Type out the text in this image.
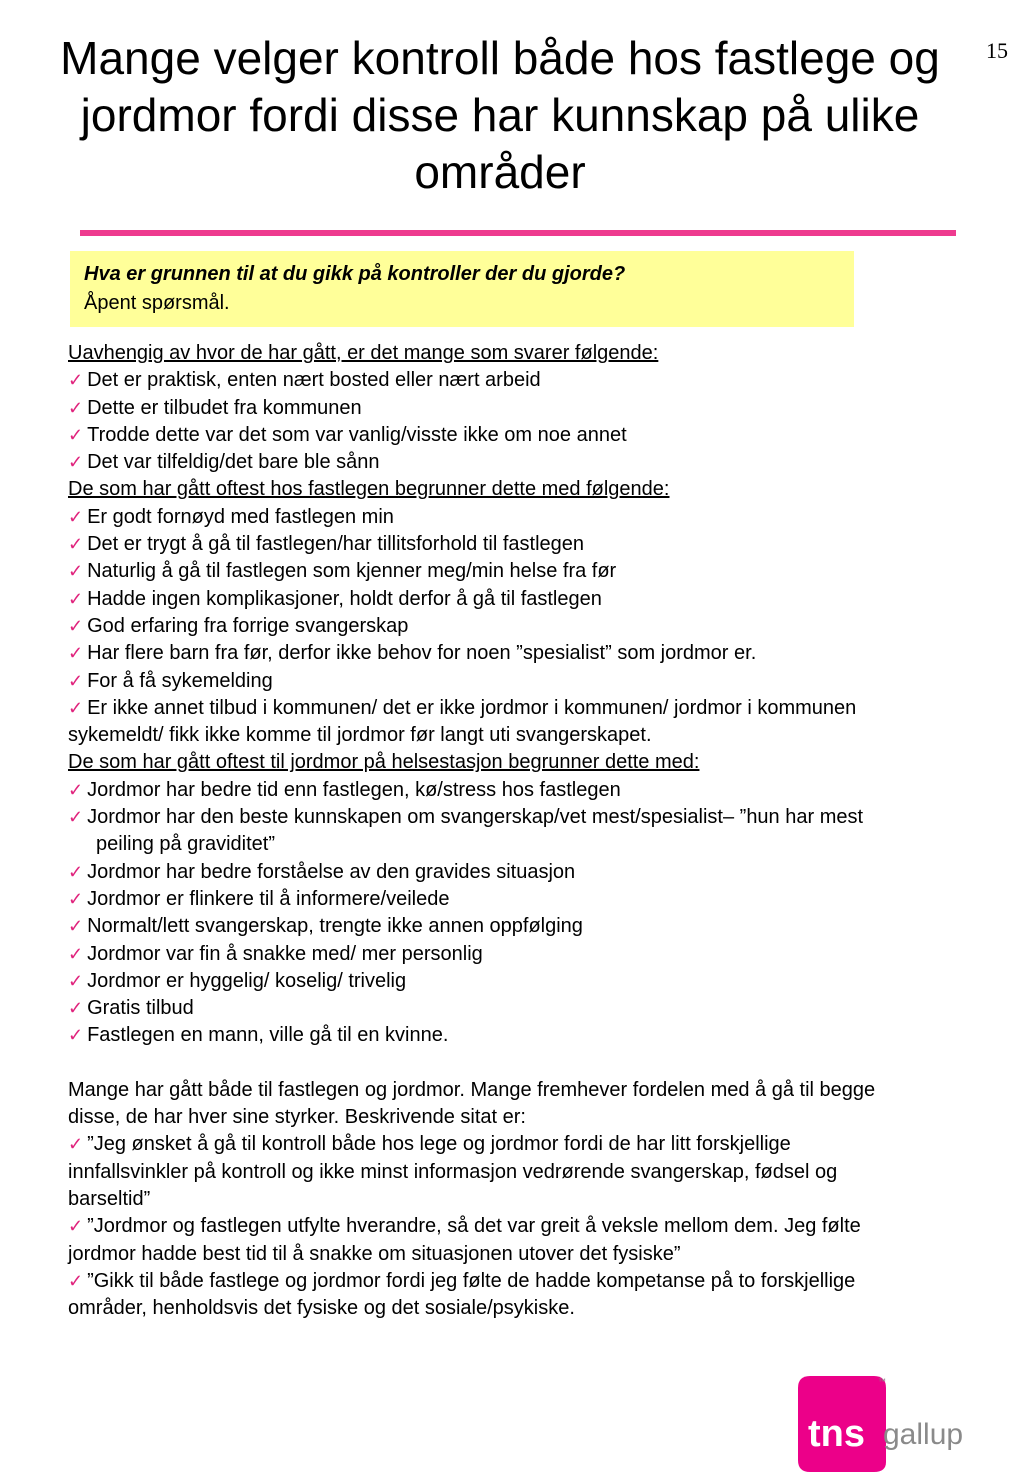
15
Mange velger kontroll både hos fastlege og jordmor fordi disse har kunnskap på ulike områder
Hva er grunnen til at du gikk på kontroller der du gjorde?
Åpent spørsmål.

Uavhengig av hvor de har gått, er det mange som svarer følgende:

✓ Det er praktisk, enten nært bosted eller nært arbeid
✓ Dette er tilbudet fra kommunen
✓ Trodde dette var det som var vanlig/visste ikke om noe annet
✓ Det var tilfeldig/det bare ble sånn

De som har gått oftest hos fastlegen begrunner dette med følgende:

✓ Er godt fornøyd med fastlegen min
✓ Det er trygt å gå til fastlegen/har tillitsforhold til fastlegen
✓ Naturlig å gå til fastlegen som kjenner meg/min helse fra før
✓ Hadde ingen komplikasjoner, holdt derfor å gå til fastlegen
✓ God erfaring fra forrige svangerskap
✓ Har flere barn fra før, derfor ikke behov for noen ”spesialist” som jordmor er.
✓ For å få sykemelding
✓ Er ikke annet tilbud i kommunen/ det er ikke jordmor i kommunen/ jordmor i kommunen
sykemeldt/ fikk ikke komme til jordmor før langt uti svangerskapet.

De som har gått oftest til jordmor på helsestasjon begrunner dette med:

✓ Jordmor har bedre tid enn fastlegen, kø/stress hos fastlegen
✓ Jordmor har den beste kunnskapen om svangerskap/vet mest/spesialist– ”hun har mest
peiling på graviditet”
✓ Jordmor har bedre forståelse av den gravides situasjon
✓ Jordmor er flinkere til å informere/veilede
✓ Normalt/lett svangerskap, trengte ikke annen oppfølging
✓ Jordmor var fin å snakke med/ mer personlig
✓ Jordmor er hyggelig/ koselig/ trivelig
✓ Gratis tilbud
✓ Fastlegen en mann, ville gå til en kvinne.

Mange har gått både til fastlegen og jordmor. Mange fremhever fordelen med å gå til begge
disse, de har hver sine styrker. Beskrivende sitat er:

✓ ”Jeg ønsket å gå til kontroll både hos lege og jordmor fordi de har litt forskjellige
innfallsvinkler på kontroll og ikke minst informasjon vedrørende svangerskap, fødsel og
barseltid”
✓ ”Jordmor og fastlegen utfylte hverandre, så det var greit å veksle mellom dem. Jeg følte
jordmor hadde best tid til å snakke om situasjonen utover det fysiske”
✓ ”Gikk til både fastlege og jordmor fordi jeg følte de hadde kompetanse på to forskjellige
områder, henholdsvis det fysiske og det sosiale/psykiske.
tns gallup
™
